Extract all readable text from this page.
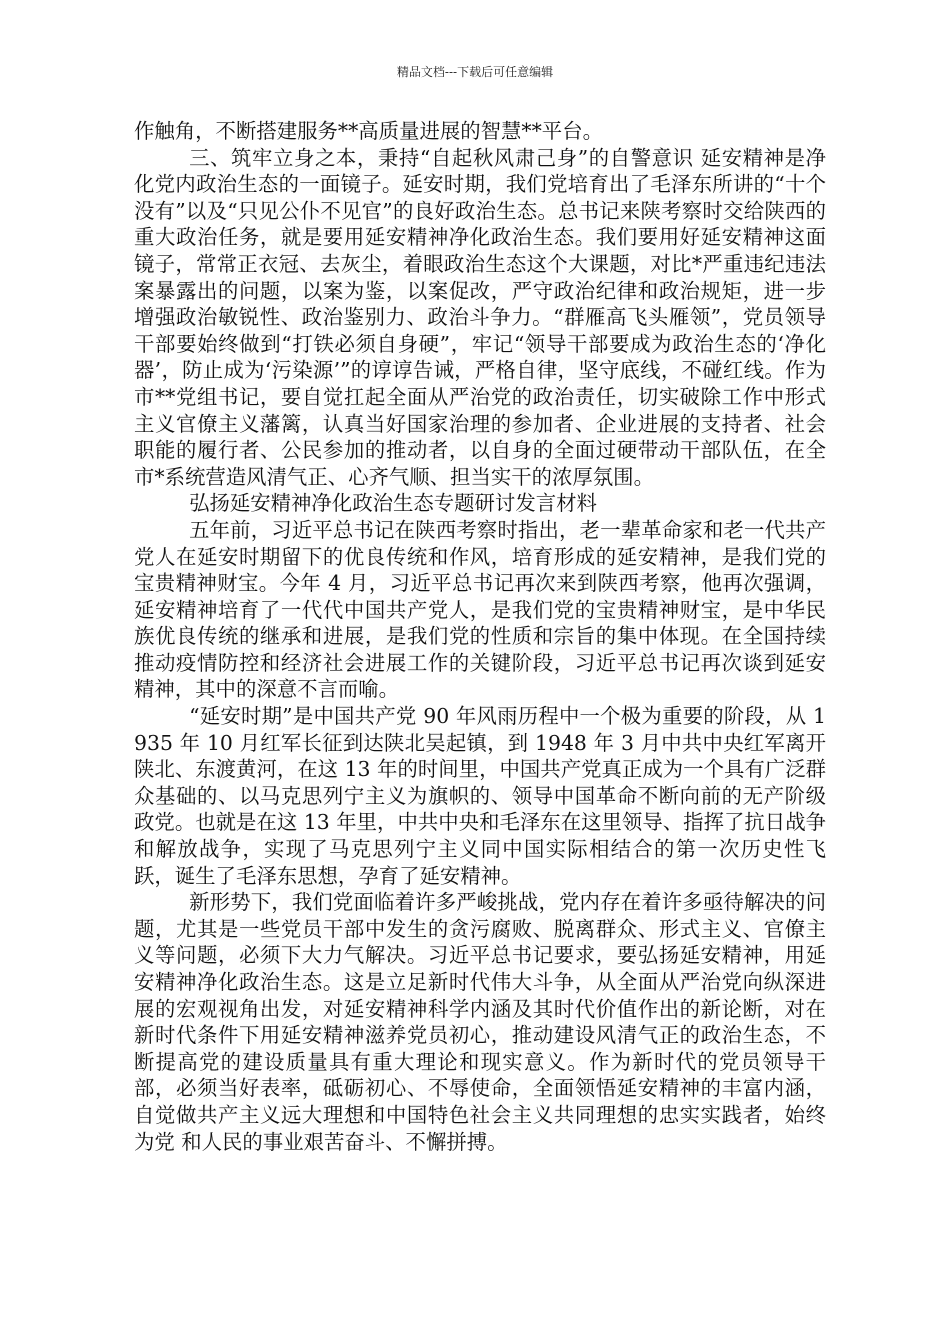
精品文档---下载后可任意编辑

作触角，不断搭建服务**高质量进展的智慧**平台。

三、筑牢立身之本，秉持“自起秋风肃己身”的自警意识 延安精神是净化党内政治生态的一面镜子。延安时期，我们党培育出了毛泽东所讲的“十个没有”以及“只见公仆不见官”的良好政治生态。总书记来陕考察时交给陕西的重大政治任务，就是要用延安精神净化政治生态。我们要用好延安精神这面镜子，常常正衣冠、去灰尘，着眼政治生态这个大课题，对比*严重违纪违法案暴露出的问题，以案为鉴，以案促改，严守政治纪律和政治规矩，进一步增强政治敏锐性、政治鉴别力、政治斗争力。“群雁高飞头雁领”，党员领导干部要始终做到“打铁必须自身硬”，牢记“领导干部要成为政治生态的‘净化器’，防止成为‘污染源’”的谆谆告诫，严格自律，坚守底线，不碰红线。作为市**党组书记，要自觉扛起全面从严治党的政治责任，切实破除工作中形式主义官僚主义藩篱，认真当好国家治理的参加者、企业进展的支持者、社会职能的履行者、公民参加的推动者，以自身的全面过硬带动干部队伍，在全市*系统营造风清气正、心齐气顺、担当实干的浓厚氛围。

弘扬延安精神净化政治生态专题研讨发言材料

五年前，习近平总书记在陕西考察时指出，老一辈革命家和老一代共产党人在延安时期留下的优良传统和作风，培育形成的延安精神，是我们党的宝贵精神财宝。今年 4 月，习近平总书记再次来到陕西考察，他再次强调，延安精神培育了一代代中国共产党人，是我们党的宝贵精神财宝，是中华民族优良传统的继承和进展，是我们党的性质和宗旨的集中体现。在全国持续推动疫情防控和经济社会进展工作的关键阶段，习近平总书记再次谈到延安精神，其中的深意不言而喻。

“延安时期”是中国共产党 90 年风雨历程中一个极为重要的阶段，从 1935 年 10 月红军长征到达陕北吴起镇，到 1948 年 3 月中共中央红军离开陕北、东渡黄河，在这 13 年的时间里，中国共产党真正成为一个具有广泛群众基础的、以马克思列宁主义为旗帜的、领导中国革命不断向前的无产阶级政党。也就是在这 13 年里，中共中央和毛泽东在这里领导、指挥了抗日战争和解放战争，实现了马克思列宁主义同中国实际相结合的第一次历史性飞跃，诞生了毛泽东思想，孕育了延安精神。

新形势下，我们党面临着许多严峻挑战，党内存在着许多亟待解决的问题，尤其是一些党员干部中发生的贪污腐败、脱离群众、形式主义、官僚主义等问题，必须下大力气解决。习近平总书记要求，要弘扬延安精神，用延安精神净化政治生态。这是立足新时代伟大斗争，从全面从严治党向纵深进展的宏观视角出发，对延安精神科学内涵及其时代价值作出的新论断，对在新时代条件下用延安精神滋养党员初心，推动建设风清气正的政治生态，不断提高党的建设质量具有重大理论和现实意义。作为新时代的党员领导干部，必须当好表率，砥砺初心、不辱使命，全面领悟延安精神的丰富内涵，自觉做共产主义远大理想和中国特色社会主义共同理想的忠实实践者，始终为党 和人民的事业艰苦奋斗、不懈拼搏。
